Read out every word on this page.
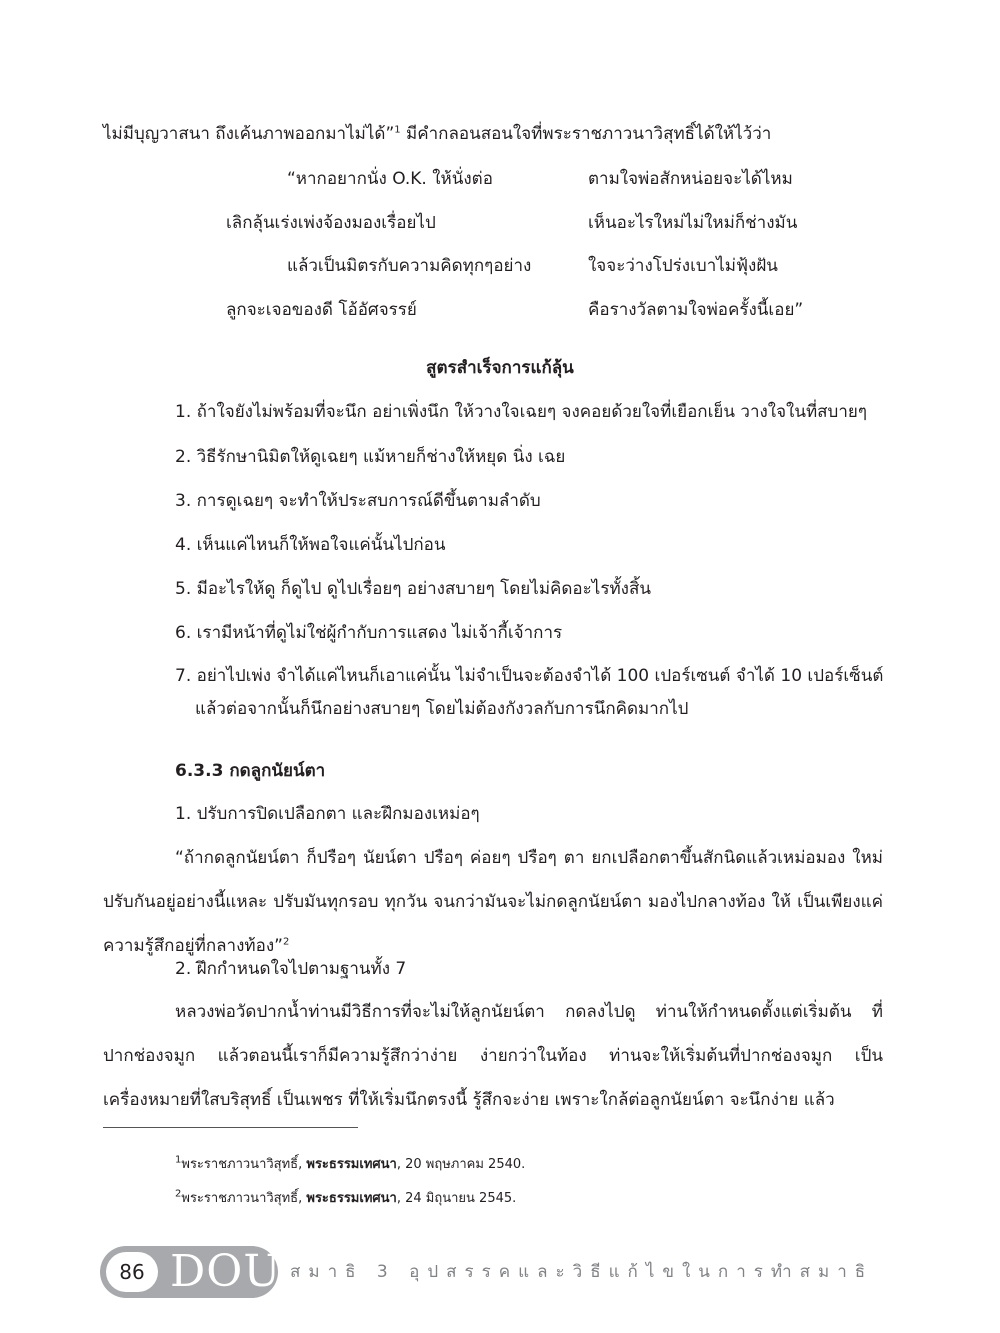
ไม่มีบุญวาสนา ถึงเค้นภาพออกมาไม่ได้”$^1$ มีคำกลอนสอนใจที่พระราชภาวนาวิสุทธิ์ได้ให้ไว้ว่า
“หากอยากนั่ง O.K. ให้นั่งต่อ	ตามใจพ่อสักหน่อยจะได้ไหม
เลิกลุ้นเร่งเพ่งจ้องมองเรื่อยไป	เห็นอะไรใหม่ไม่ใหม่ก็ช่างมัน
แล้วเป็นมิตรกับความคิดทุกๆอย่าง	ใจจะว่างโปร่งเบาไม่ฟุ้งฝัน
ลูกจะเจอของดี โอ้อัศจรรย์	คือรางวัลตามใจพ่อครั้งนี้เอย”
สูตรสำเร็จการแก้ลุ้น
1. ถ้าใจยังไม่พร้อมที่จะนึก อย่าเพิ่งนึก ให้วางใจเฉยๆ จงคอยด้วยใจที่เยือกเย็น วางใจในที่สบายๆ
2. วิธีรักษานิมิตให้ดูเฉยๆ แม้หายก็ช่างให้หยุด นิ่ง เฉย
3. การดูเฉยๆ จะทำให้ประสบการณ์ดีขึ้นตามลำดับ
4. เห็นแค่ไหนก็ให้พอใจแค่นั้นไปก่อน
5. มีอะไรให้ดู ก็ดูไป ดูไปเรื่อยๆ อย่างสบายๆ โดยไม่คิดอะไรทั้งสิ้น
6. เรามีหน้าที่ดูไม่ใช่ผู้กำกับการแสดง ไม่เจ้ากี้เจ้าการ
7. อย่าไปเพ่ง จำได้แค่ไหนก็เอาแค่นั้น ไม่จำเป็นจะต้องจำได้ 100 เปอร์เซนต์ จำได้ 10 เปอร์เซ็นต์
แล้วต่อจากนั้นก็นึกอย่างสบายๆ โดยไม่ต้องกังวลกับการนึกคิดมากไป
6.3.3 กดลูกนัยน์ตา
1. ปรับการปิดเปลือกตา และฝึกมองเหม่อๆ
“ถ้ากดลูกนัยน์ตา ก็ปรือๆ นัยน์ตา ปรือๆ ค่อยๆ ปรือๆ ตา ยกเปลือกตาขึ้นสักนิดแล้วเหม่อมอง ใหม่ ปรับกันอยู่อย่างนี้แหละ ปรับมันทุกรอบ ทุกวัน จนกว่ามันจะไม่กดลูกนัยน์ตา มองไปกลางท้อง ให้ เป็นเพียงแค่ความรู้สึกอยู่ที่กลางท้อง”$^2$
2. ฝึกกำหนดใจไปตามฐานทั้ง 7
หลวงพ่อวัดปากน้ำท่านมีวิธีการที่จะไม่ให้ลูกนัยน์ตา กดลงไปดู ท่านให้กำหนดตั้งแต่เริ่มต้น ที่ ปากช่องจมูก แล้วตอนนี้เราก็มีความรู้สึกว่าง่าย ง่ายกว่าในท้อง ท่านจะให้เริ่มต้นที่ปากช่องจมูก เป็น เครื่องหมายที่ใสบริสุทธิ์ เป็นเพชร ที่ให้เริ่มนึกตรงนี้ รู้สึกจะง่าย เพราะใกล้ต่อลูกนัยน์ตา จะนึกง่าย แล้ว
$^1$พระราชภาวนาวิสุทธิ์, พระธรรมเทศนา, 20 พฤษภาคม 2540.
$^2$พระราชภาวนาวิสุทธิ์, พระธรรมเทศนา, 24 มิถุนายน 2545.
86 DOU สมาธิ 3 อุปสรรคและวิธีแก้ไขในการทำสมาธิ
